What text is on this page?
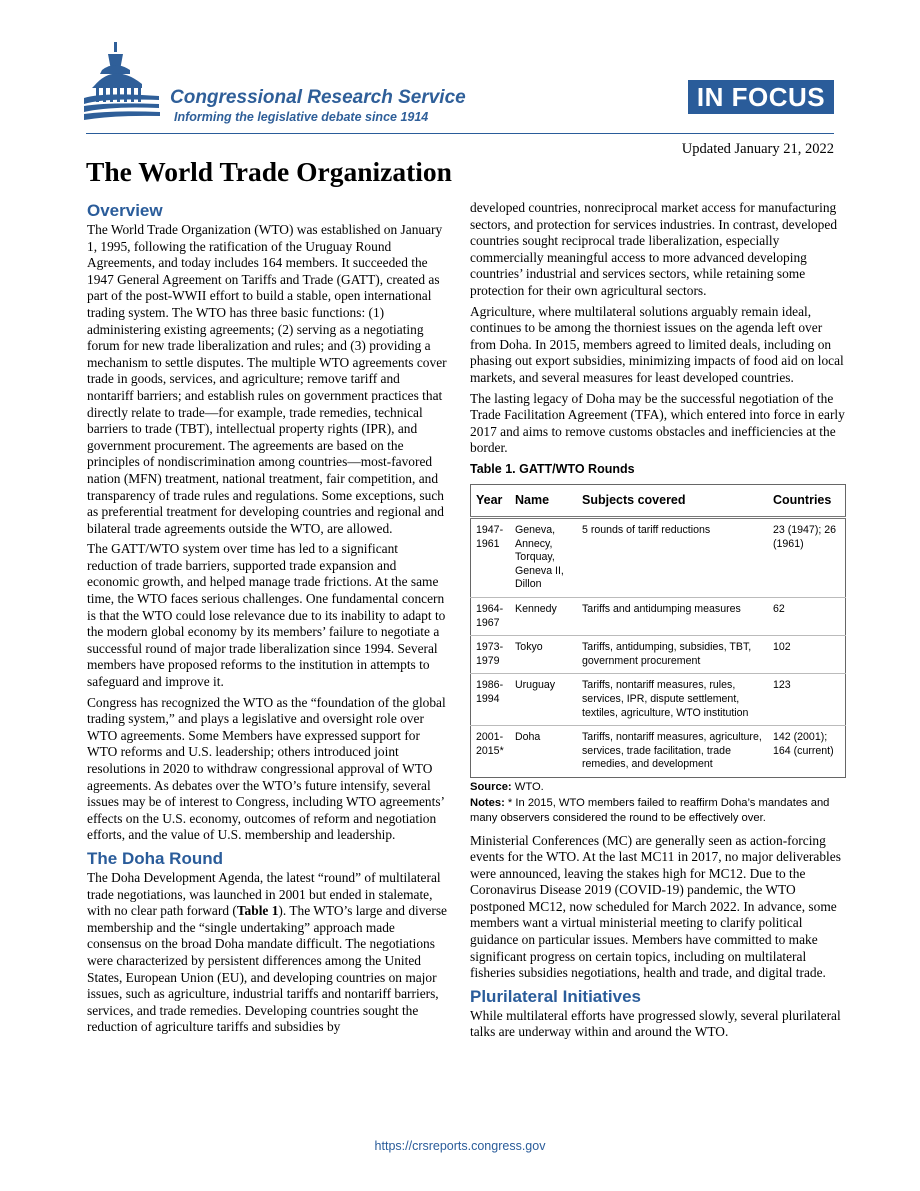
Congressional Research Service
Informing the legislative debate since 1914
IN FOCUS
Updated January 21, 2022
The World Trade Organization
Overview

The World Trade Organization (WTO) was established on January 1, 1995, following the ratification of the Uruguay Round Agreements, and today includes 164 members. It succeeded the 1947 General Agreement on Tariffs and Trade (GATT), created as part of the post-WWII effort to build a stable, open international trading system. The WTO has three basic functions: (1) administering existing agreements; (2) serving as a negotiating forum for new trade liberalization and rules; and (3) providing a mechanism to settle disputes. The multiple WTO agreements cover trade in goods, services, and agriculture; remove tariff and nontariff barriers; and establish rules on government practices that directly relate to trade—for example, trade remedies, technical barriers to trade (TBT), intellectual property rights (IPR), and government procurement. The agreements are based on the principles of nondiscrimination among countries—most-favored nation (MFN) treatment, national treatment, fair competition, and transparency of trade rules and regulations. Some exceptions, such as preferential treatment for developing countries and regional and bilateral trade agreements outside the WTO, are allowed.

The GATT/WTO system over time has led to a significant reduction of trade barriers, supported trade expansion and economic growth, and helped manage trade frictions. At the same time, the WTO faces serious challenges. One fundamental concern is that the WTO could lose relevance due to its inability to adapt to the modern global economy by its members’ failure to negotiate a successful round of major trade liberalization since 1994. Several members have proposed reforms to the institution in attempts to safeguard and improve it.

Congress has recognized the WTO as the “foundation of the global trading system,” and plays a legislative and oversight role over WTO agreements. Some Members have expressed support for WTO reforms and U.S. leadership; others introduced joint resolutions in 2020 to withdraw congressional approval of WTO agreements. As debates over the WTO’s future intensify, several issues may be of interest to Congress, including WTO agreements’ effects on the U.S. economy, outcomes of reform and negotiation efforts, and the value of U.S. membership and leadership.

The Doha Round

The Doha Development Agenda, the latest “round” of multilateral trade negotiations, was launched in 2001 but ended in stalemate, with no clear path forward (Table 1). The WTO’s large and diverse membership and the “single undertaking” approach made consensus on the broad Doha mandate difficult. The negotiations were characterized by persistent differences among the United States, European Union (EU), and developing countries on major issues, such as agriculture, industrial tariffs and nontariff barriers, services, and trade remedies. Developing countries sought the reduction of agriculture tariffs and subsidies by

developed countries, nonreciprocal market access for manufacturing sectors, and protection for services industries. In contrast, developed countries sought reciprocal trade liberalization, especially commercially meaningful access to more advanced developing countries’ industrial and services sectors, while retaining some protection for their own agricultural sectors.

Agriculture, where multilateral solutions arguably remain ideal, continues to be among the thorniest issues on the agenda left over from Doha. In 2015, members agreed to limited deals, including on phasing out export subsidies, minimizing impacts of food aid on local markets, and several measures for least developed countries.

The lasting legacy of Doha may be the successful negotiation of the Trade Facilitation Agreement (TFA), which entered into force in early 2017 and aims to remove customs obstacles and inefficiencies at the border.

Table 1. GATT/WTO Rounds
Year	Name	Subjects covered	Countries

1947-
1961	Geneva, Annecy, Torquay, Geneva II, Dillon	5 rounds of tariff reductions	23 (1947); 26 (1961)

1964-
1967	Kennedy	Tariffs and antidumping measures	62

1973-
1979	Tokyo	Tariffs, antidumping, subsidies, TBT, government procurement	102

1986-
1994	Uruguay	Tariffs, nontariff measures, rules, services, IPR, dispute settlement, textiles, agriculture, WTO institution	123

2001-
2015*	Doha	Tariffs, nontariff measures, agriculture, services, trade facilitation, trade remedies, and development	142 (2001); 164 (current)
Source: WTO.
Notes: * In 2015, WTO members failed to reaffirm Doha’s mandates and many observers considered the round to be effectively over.

Ministerial Conferences (MC) are generally seen as action-forcing events for the WTO. At the last MC11 in 2017, no major deliverables were announced, leaving the stakes high for MC12. Due to the Coronavirus Disease 2019 (COVID-19) pandemic, the WTO postponed MC12, now scheduled for March 2022. In advance, some members want a virtual ministerial meeting to clarify political guidance on particular issues. Members have committed to make significant progress on certain topics, including on multilateral fisheries subsidies negotiations, health and trade, and digital trade.

Plurilateral Initiatives

While multilateral efforts have progressed slowly, several plurilateral talks are underway within and around the WTO.

https://crsreports.congress.gov
